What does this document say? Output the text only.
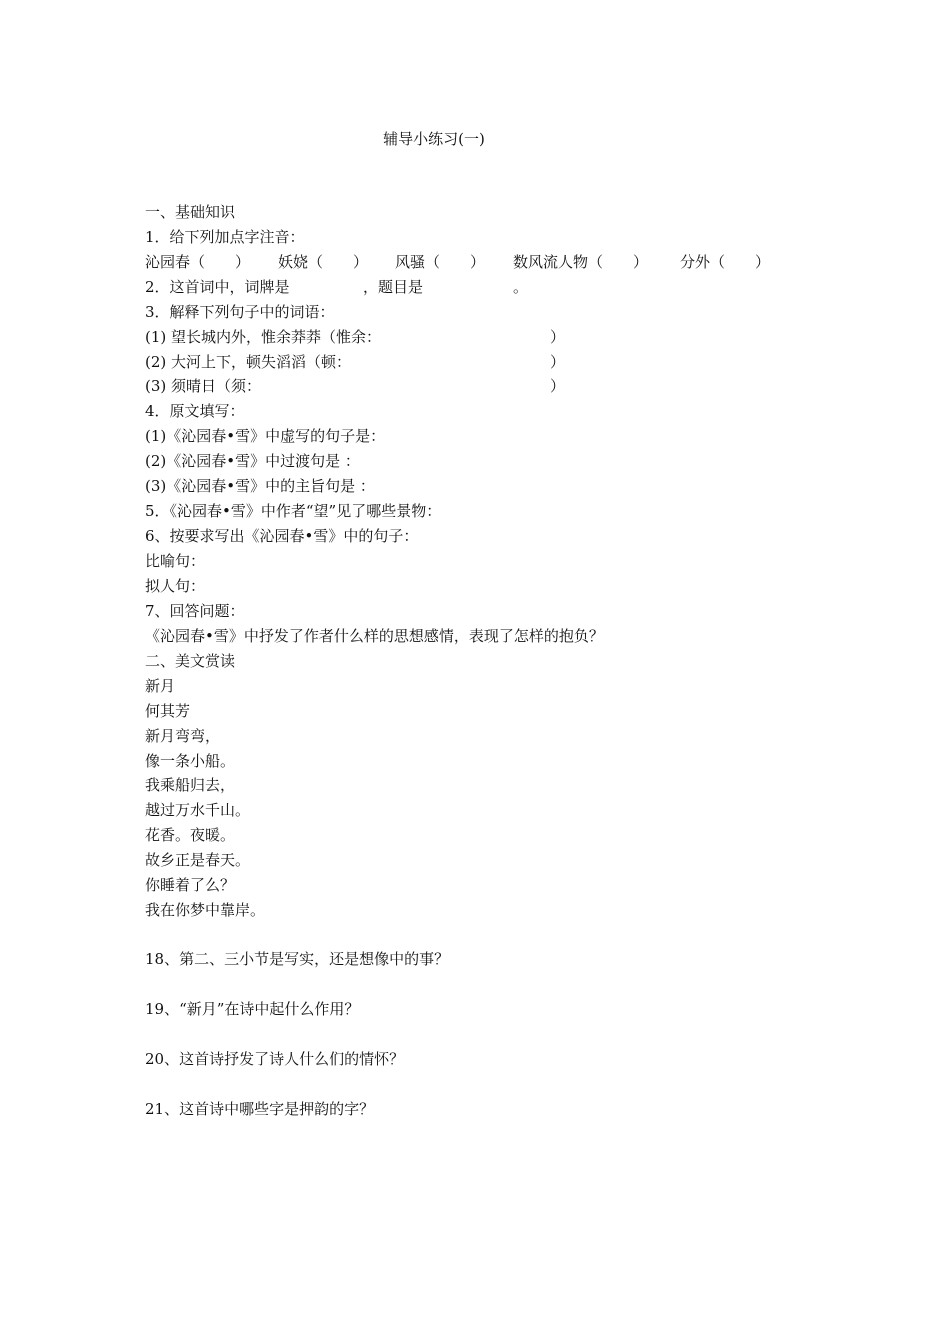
辅导小练习(一)
一、基础知识
1．给下列加点字注音：
沁园春（　　） 妖娆（　　） 风骚（　　） 数风流人物（　　） 分外（　　）
2．这首词中，词牌是	，题目是	。
3．解释下列句子中的词语：
(1) 望长城内外，惟余莽莽（惟余：	）
(2) 大河上下，顿失滔滔（顿：	）
(3) 须晴日（须：	）
4．原文填写：
(1)《沁园春•雪》中虚写的句子是：
(2)《沁园春•雪》中过渡句是 ：
(3)《沁园春•雪》中的主旨句是 ：
5．《沁园春•雪》中作者“望”见了哪些景物：
6、按要求写出《沁园春•雪》中的句子：
比喻句：
拟人句：
7、回答问题：
《沁园春•雪》中抒发了作者什么样的思想感情，表现了怎样的抱负？
二、美文赏读
新月
何其芳
新月弯弯，
像一条小船。
我乘船归去，
越过万水千山。
花香。夜暖。
故乡正是春天。
你睡着了么？
我在你梦中靠岸。
18、第二、三小节是写实，还是想像中的事？
19、“新月”在诗中起什么作用？
20、这首诗抒发了诗人什么们的情怀？
21、这首诗中哪些字是押韵的字？
